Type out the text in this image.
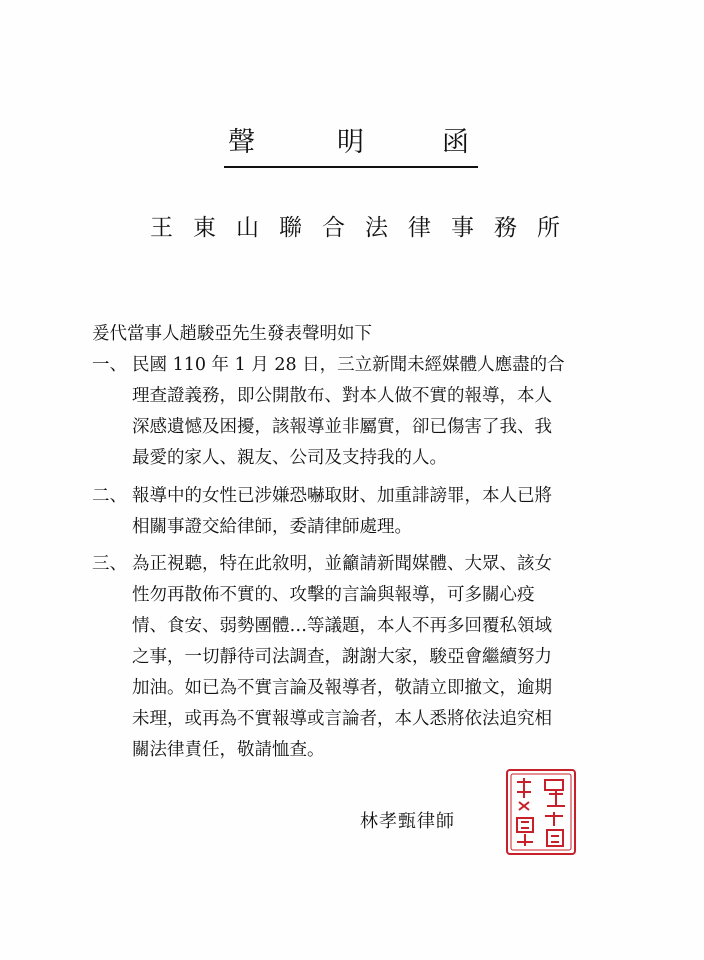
聲	明	函
王 東 山 聯 合 法 律 事 務 所
爰代當事人趙駿亞先生發表聲明如下
一、 民國 110 年 1 月 28 日，三立新聞未經媒體人應盡的合
理查證義務，即公開散布、對本人做不實的報導，本人
深感遺憾及困擾，該報導並非屬實，卻已傷害了我、我
最愛的家人、親友、公司及支持我的人。
二、 報導中的女性已涉嫌恐嚇取財、加重誹謗罪，本人已將
相關事證交給律師，委請律師處理。
三、 為正視聽，特在此敘明，並籲請新聞媒體、大眾、該女
性勿再散佈不實的、攻擊的言論與報導，可多關心疫
情、食安、弱勢團體…等議題，本人不再多回覆私領域
之事，一切靜待司法調查，謝謝大家，駿亞會繼續努力
加油。如已為不實言論及報導者，敬請立即撤文，逾期
未理，或再為不實報導或言論者，本人悉將依法追究相
關法律責任，敬請恤查。
林孝甄律師
